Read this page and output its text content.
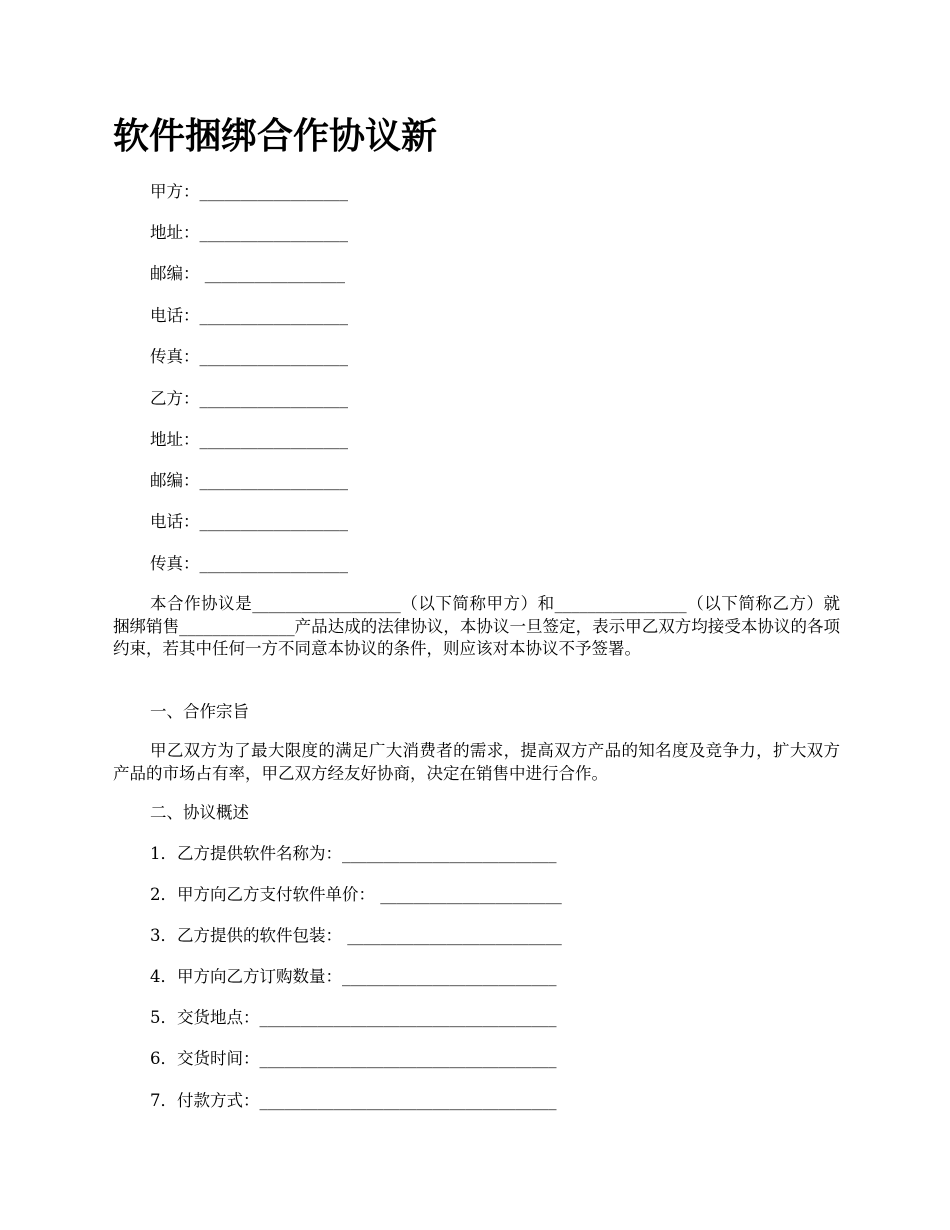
软件捆绑合作协议新
甲方：__________________
地址：__________________
邮编： _________________
电话：__________________
传真：__________________
乙方：__________________
地址：__________________
邮编：__________________
电话：__________________
传真：__________________

本合作协议是__________________（以下简称甲方）和________________（以下简称乙方）就捆绑销售______________产品达成的法律协议，本协议一旦签定，表示甲乙双方均接受本协议的各项约束，若其中任何一方不同意本协议的条件，则应该对本协议不予签署。

一、合作宗旨

甲乙双方为了最大限度的满足广大消费者的需求，提高双方产品的知名度及竞争力，扩大双方产品的市场占有率，甲乙双方经友好协商，决定在销售中进行合作。

二、协议概述
1．乙方提供软件名称为：__________________________
2．甲方向乙方支付软件单价： ______________________
3．乙方提供的软件包装： __________________________
4．甲方向乙方订购数量：__________________________
5．交货地点：____________________________________
6．交货时间：____________________________________
7．付款方式：____________________________________
